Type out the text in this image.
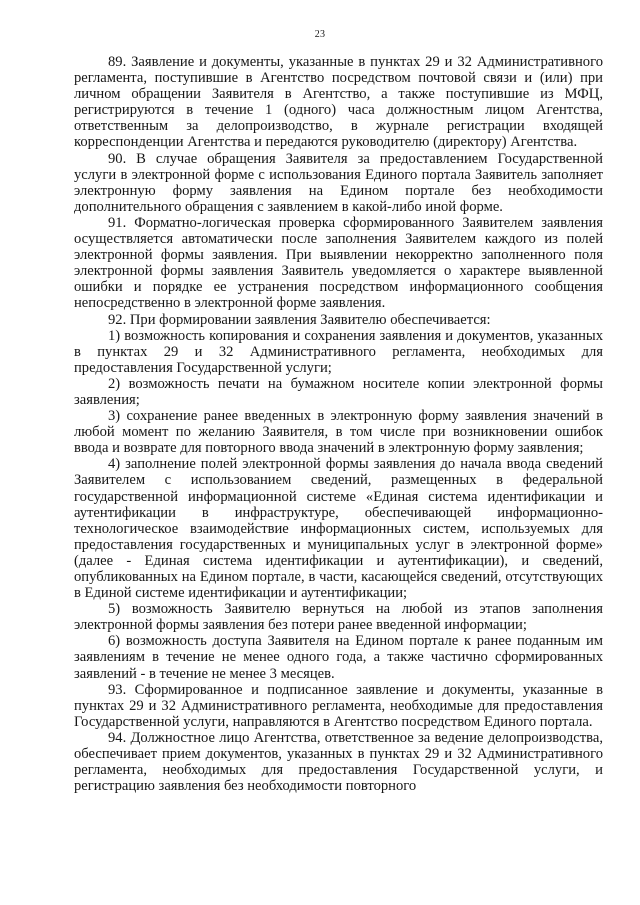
23

89. Заявление и документы, указанные в пунктах 29 и 32 Административного регламента, поступившие в Агентство посредством почтовой связи и (или) при личном обращении Заявителя в Агентство, а также поступившие из МФЦ, регистрируются в течение 1 (одного) часа должностным лицом Агентства, ответственным за делопроизводство, в журнале регистрации входящей корреспонденции Агентства и передаются руководителю (директору) Агентства.

90. В случае обращения Заявителя за предоставлением Государственной услуги в электронной форме с использования Единого портала Заявитель заполняет электронную форму заявления на Едином портале без необходимости дополнительного обращения с заявлением в какой-либо иной форме.

91. Форматно-логическая проверка сформированного Заявителем заявления осуществляется автоматически после заполнения Заявителем каждого из полей электронной формы заявления. При выявлении некорректно заполненного поля электронной формы заявления Заявитель уведомляется о характере выявленной ошибки и порядке ее устранения посредством информационного сообщения непосредственно в электронной форме заявления.

92. При формировании заявления Заявителю обеспечивается:

1) возможность копирования и сохранения заявления и документов, указанных в пунктах 29 и 32 Административного регламента, необходимых для предоставления Государственной услуги;

2) возможность печати на бумажном носителе копии электронной формы заявления;

3) сохранение ранее введенных в электронную форму заявления значений в любой момент по желанию Заявителя, в том числе при возникновении ошибок ввода и возврате для повторного ввода значений в электронную форму заявления;

4) заполнение полей электронной формы заявления до начала ввода сведений Заявителем с использованием сведений, размещенных в федеральной государственной информационной системе «Единая система идентификации и аутентификации в инфраструктуре, обеспечивающей информационно-технологическое взаимодействие информационных систем, используемых для предоставления государственных и муниципальных услуг в электронной форме» (далее - Единая система идентификации и аутентификации), и сведений, опубликованных на Едином портале, в части, касающейся сведений, отсутствующих в Единой системе идентификации и аутентификации;

5) возможность Заявителю вернуться на любой из этапов заполнения электронной формы заявления без потери ранее введенной информации;

6) возможность доступа Заявителя на Едином портале к ранее поданным им заявлениям в течение не менее одного года, а также частично сформированных заявлений - в течение не менее 3 месяцев.

93. Сформированное и подписанное заявление и документы, указанные в пунктах 29 и 32 Административного регламента, необходимые для предоставления Государственной услуги, направляются в Агентство посредством Единого портала.

94. Должностное лицо Агентства, ответственное за ведение делопроизводства, обеспечивает прием документов, указанных в пунктах 29 и 32 Административного регламента, необходимых для предоставления Государственной услуги, и регистрацию заявления без необходимости повторного
